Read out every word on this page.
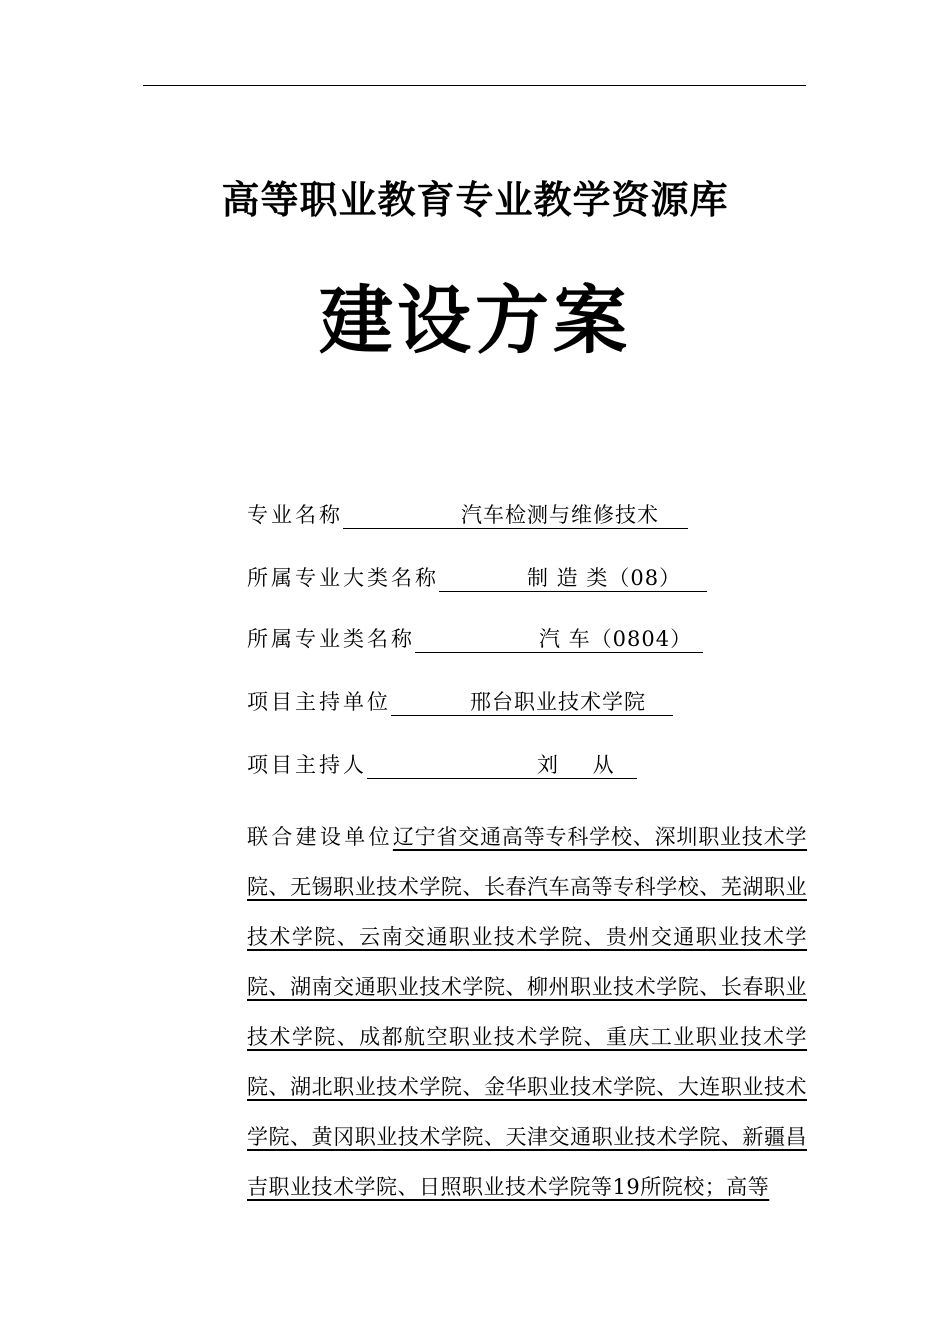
高等职业教育专业教学资源库
建设方案
专业名称	汽车检测与维修技术
所属专业大类名称	制 造 类（08）
所属专业类名称	汽 车（0804）
项目主持单位	邢台职业技术学院
项目主持人	刘 从
联合建设单位辽宁省交通高等专科学校、深圳职业技术学院、无锡职业技术学院、长春汽车高等专科学校、芜湖职业技术学院、云南交通职业技术学院、贵州交通职业技术学院、湖南交通职业技术学院、柳州职业技术学院、长春职业技术学院、成都航空职业技术学院、重庆工业职业技术学院、湖北职业技术学院、金华职业技术学院、大连职业技术学院、黄冈职业技术学院、天津交通职业技术学院、新疆昌吉职业技术学院、日照职业技术学院等19所院校；高等
